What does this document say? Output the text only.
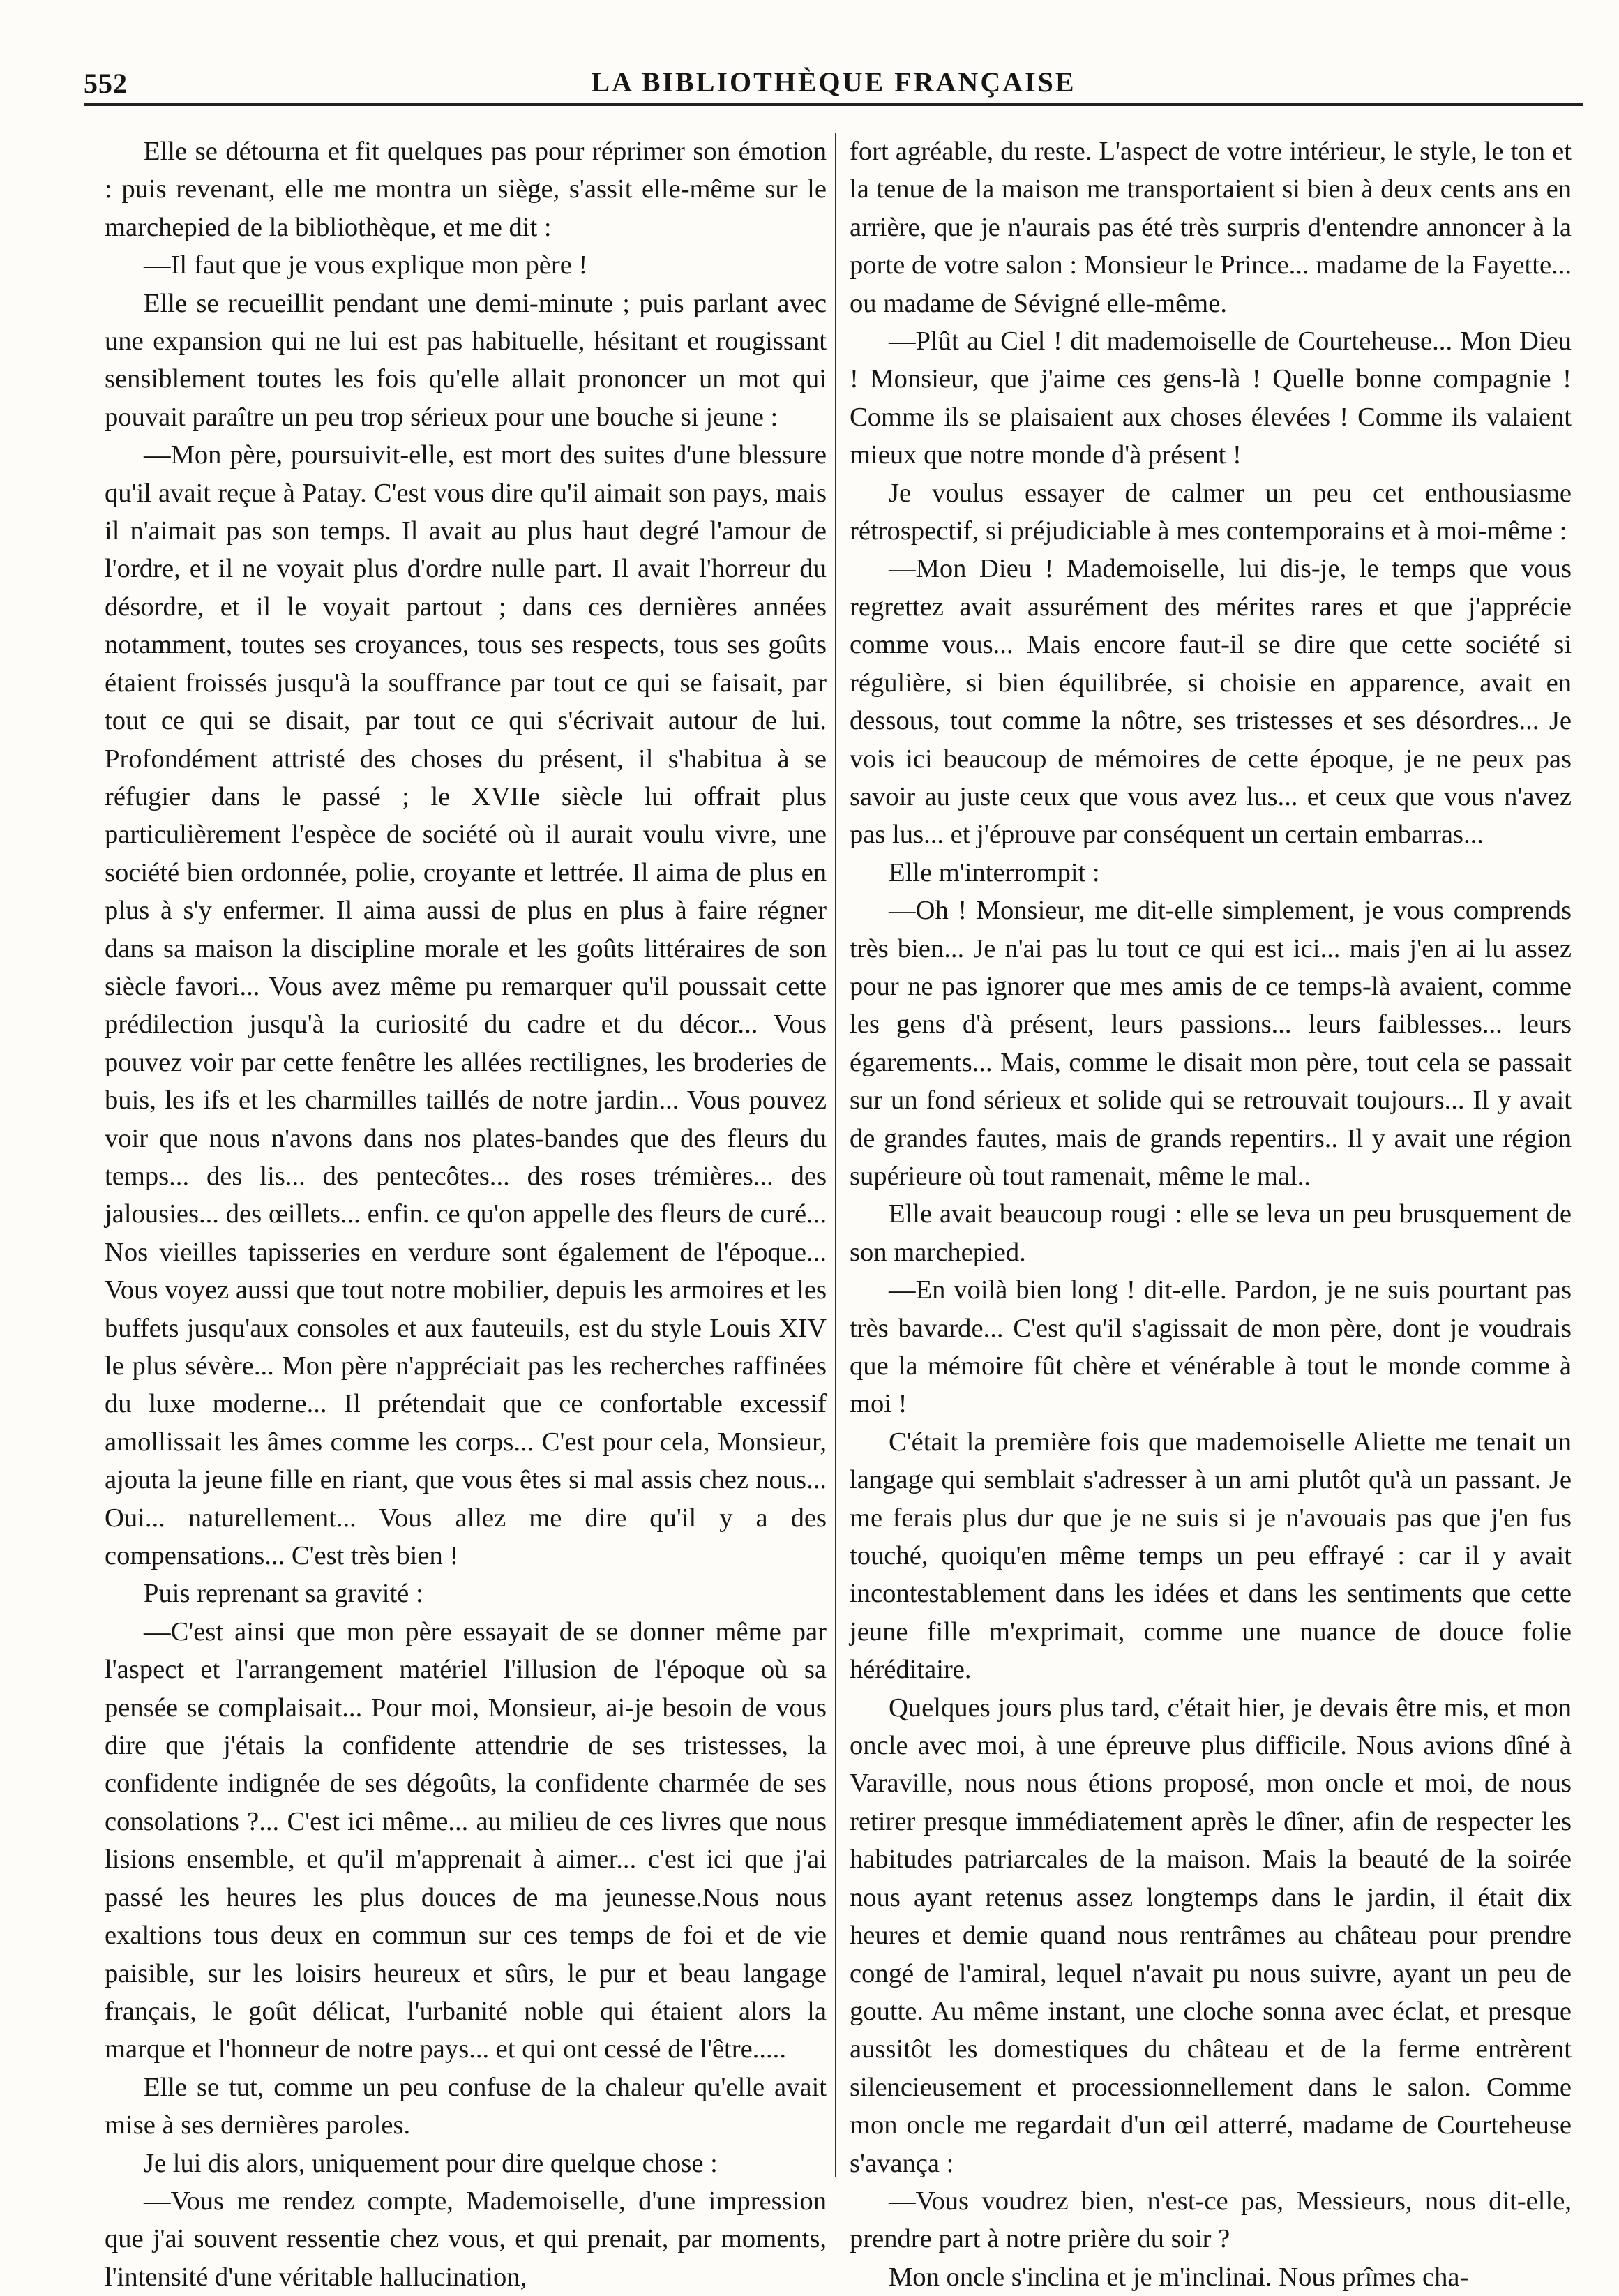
552	LA BIBLIOTHÈQUE FRANÇAISE

Elle se détourna et fit quelques pas pour réprimer son émotion : puis revenant, elle me montra un siège, s'assit elle-même sur le marchepied de la bibliothèque, et me dit :

—Il faut que je vous explique mon père !

Elle se recueillit pendant une demi-minute ; puis parlant avec une expansion qui ne lui est pas habituelle, hésitant et rougissant sensiblement toutes les fois qu'elle allait prononcer un mot qui pouvait paraître un peu trop sérieux pour une bouche si jeune :

—Mon père, poursuivit-elle, est mort des suites d'une blessure qu'il avait reçue à Patay. C'est vous dire qu'il aimait son pays, mais il n'aimait pas son temps. Il avait au plus haut degré l'amour de l'ordre, et il ne voyait plus d'ordre nulle part. Il avait l'horreur du désordre, et il le voyait partout ; dans ces dernières années notamment, toutes ses croyances, tous ses respects, tous ses goûts étaient froissés jusqu'à la souffrance par tout ce qui se faisait, par tout ce qui se disait, par tout ce qui s'écrivait autour de lui. Profondément attristé des choses du présent, il s'habitua à se réfugier dans le passé ; le XVIIe siècle lui offrait plus particulièrement l'espèce de société où il aurait voulu vivre, une société bien ordonnée, polie, croyante et lettrée. Il aima de plus en plus à s'y enfermer. Il aima aussi de plus en plus à faire régner dans sa maison la discipline morale et les goûts littéraires de son siècle favori... Vous avez même pu remarquer qu'il poussait cette prédilection jusqu'à la curiosité du cadre et du décor... Vous pouvez voir par cette fenêtre les allées rectilignes, les broderies de buis, les ifs et les charmilles taillés de notre jardin... Vous pouvez voir que nous n'avons dans nos plates-bandes que des fleurs du temps... des lis... des pentecôtes... des roses trémières... des jalousies... des œillets... enfin. ce qu'on appelle des fleurs de curé... Nos vieilles tapisseries en verdure sont également de l'époque... Vous voyez aussi que tout notre mobilier, depuis les armoires et les buffets jusqu'aux consoles et aux fauteuils, est du style Louis XIV le plus sévère... Mon père n'appréciait pas les recherches raffinées du luxe moderne... Il prétendait que ce confortable excessif amollissait les âmes comme les corps... C'est pour cela, Monsieur, ajouta la jeune fille en riant, que vous êtes si mal assis chez nous... Oui... naturellement... Vous allez me dire qu'il y a des compensations... C'est très bien !

Puis reprenant sa gravité :

—C'est ainsi que mon père essayait de se donner même par l'aspect et l'arrangement matériel l'illusion de l'époque où sa pensée se complaisait... Pour moi, Monsieur, ai-je besoin de vous dire que j'étais la confidente attendrie de ses tristesses, la confidente indignée de ses dégoûts, la confidente charmée de ses consolations ?... C'est ici même... au milieu de ces livres que nous lisions ensemble, et qu'il m'apprenait à aimer... c'est ici que j'ai passé les heures les plus douces de ma jeunesse.Nous nous exaltions tous deux en commun sur ces temps de foi et de vie paisible, sur les loisirs heureux et sûrs, le pur et beau langage français, le goût délicat, l'urbanité noble qui étaient alors la marque et l'honneur de notre pays... et qui ont cessé de l'être.....

Elle se tut, comme un peu confuse de la chaleur qu'elle avait mise à ses dernières paroles.

Je lui dis alors, uniquement pour dire quelque chose :

—Vous me rendez compte, Mademoiselle, d'une impression que j'ai souvent ressentie chez vous, et qui prenait, par moments, l'intensité d'une véritable hallucination,

fort agréable, du reste. L'aspect de votre intérieur, le style, le ton et la tenue de la maison me transportaient si bien à deux cents ans en arrière, que je n'aurais pas été très surpris d'entendre annoncer à la porte de votre salon : Monsieur le Prince... madame de la Fayette... ou madame de Sévigné elle-même.

—Plût au Ciel ! dit mademoiselle de Courteheuse... Mon Dieu ! Monsieur, que j'aime ces gens-là ! Quelle bonne compagnie ! Comme ils se plaisaient aux choses élevées ! Comme ils valaient mieux que notre monde d'à présent !

Je voulus essayer de calmer un peu cet enthousiasme rétrospectif, si préjudiciable à mes contemporains et à moi-même :

—Mon Dieu ! Mademoiselle, lui dis-je, le temps que vous regrettez avait assurément des mérites rares et que j'apprécie comme vous... Mais encore faut-il se dire que cette société si régulière, si bien équilibrée, si choisie en apparence, avait en dessous, tout comme la nôtre, ses tristesses et ses désordres... Je vois ici beaucoup de mémoires de cette époque, je ne peux pas savoir au juste ceux que vous avez lus... et ceux que vous n'avez pas lus... et j'éprouve par conséquent un certain embarras...

Elle m'interrompit :

—Oh ! Monsieur, me dit-elle simplement, je vous comprends très bien... Je n'ai pas lu tout ce qui est ici... mais j'en ai lu assez pour ne pas ignorer que mes amis de ce temps-là avaient, comme les gens d'à présent, leurs passions... leurs faiblesses... leurs égarements... Mais, comme le disait mon père, tout cela se passait sur un fond sérieux et solide qui se retrouvait toujours... Il y avait de grandes fautes, mais de grands repentirs.. Il y avait une région supérieure où tout ramenait, même le mal..

Elle avait beaucoup rougi : elle se leva un peu brusquement de son marchepied.

—En voilà bien long ! dit-elle. Pardon, je ne suis pourtant pas très bavarde... C'est qu'il s'agissait de mon père, dont je voudrais que la mémoire fût chère et vénérable à tout le monde comme à moi !

C'était la première fois que mademoiselle Aliette me tenait un langage qui semblait s'adresser à un ami plutôt qu'à un passant. Je me ferais plus dur que je ne suis si je n'avouais pas que j'en fus touché, quoiqu'en même temps un peu effrayé : car il y avait incontestablement dans les idées et dans les sentiments que cette jeune fille m'exprimait, comme une nuance de douce folie héréditaire.

Quelques jours plus tard, c'était hier, je devais être mis, et mon oncle avec moi, à une épreuve plus difficile. Nous avions dîné à Varaville, nous nous étions proposé, mon oncle et moi, de nous retirer presque immédiatement après le dîner, afin de respecter les habitudes patriarcales de la maison. Mais la beauté de la soirée nous ayant retenus assez longtemps dans le jardin, il était dix heures et demie quand nous rentrâmes au château pour prendre congé de l'amiral, lequel n'avait pu nous suivre, ayant un peu de goutte. Au même instant, une cloche sonna avec éclat, et presque aussitôt les domestiques du château et de la ferme entrèrent silencieusement et processionnellement dans le salon. Comme mon oncle me regardait d'un œil atterré, madame de Courteheuse s'avança :

—Vous voudrez bien, n'est-ce pas, Messieurs, nous dit-elle, prendre part à notre prière du soir ?

Mon oncle s'inclina et je m'inclinai. Nous prîmes cha-
